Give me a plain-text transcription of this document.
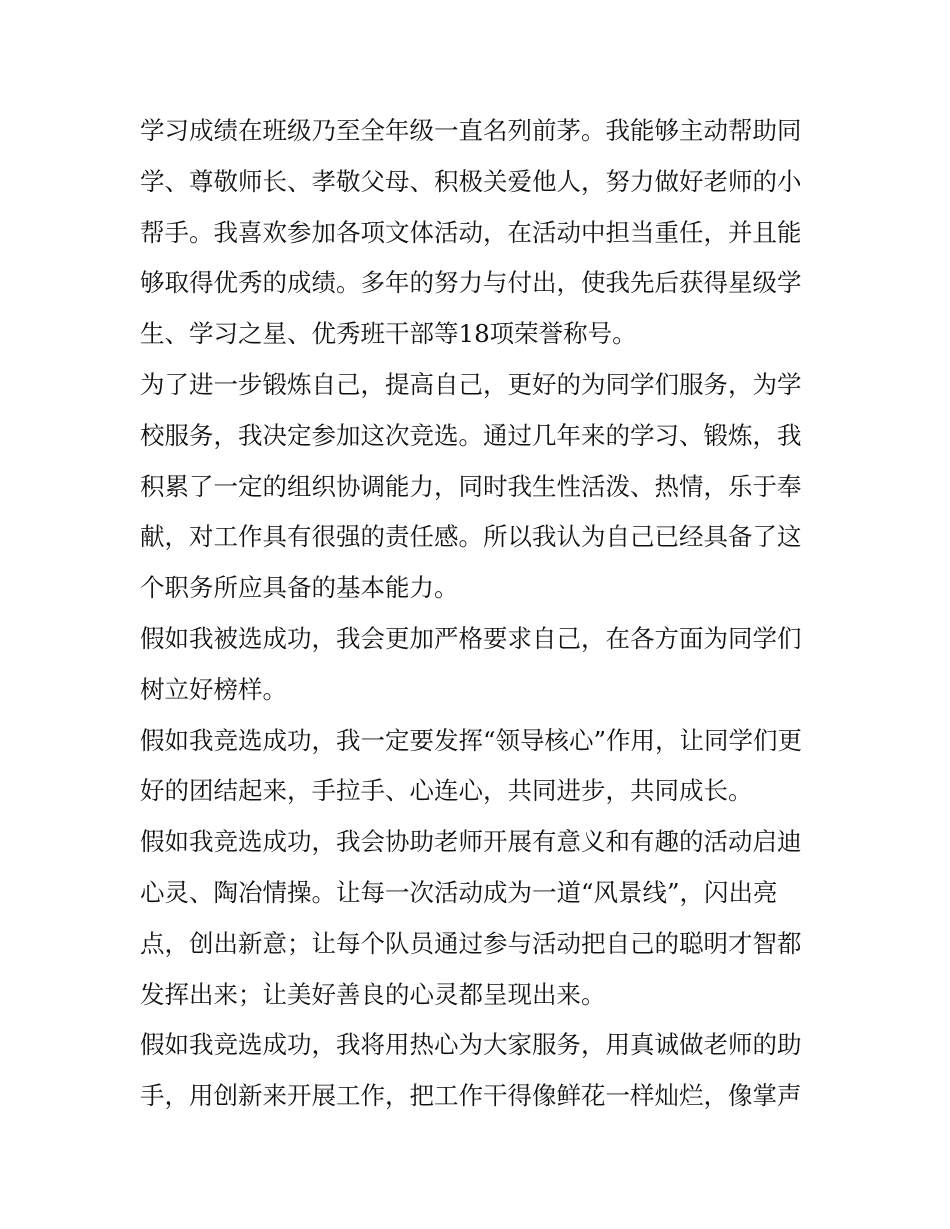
学习成绩在班级乃至全年级一直名列前茅。我能够主动帮助同
学、尊敬师长、孝敬父母、积极关爱他人，努力做好老师的小
帮手。我喜欢参加各项文体活动，在活动中担当重任，并且能
够取得优秀的成绩。多年的努力与付出，使我先后获得星级学
生、学习之星、优秀班干部等18项荣誉称号。
为了进一步锻炼自己，提高自己，更好的为同学们服务，为学
校服务，我决定参加这次竞选。通过几年来的学习、锻炼，我
积累了一定的组织协调能力，同时我生性活泼、热情，乐于奉
献，对工作具有很强的责任感。所以我认为自己已经具备了这
个职务所应具备的基本能力。
假如我被选成功，我会更加严格要求自己，在各方面为同学们
树立好榜样。
假如我竞选成功，我一定要发挥“领导核心”作用，让同学们更
好的团结起来，手拉手、心连心，共同进步，共同成长。
假如我竞选成功，我会协助老师开展有意义和有趣的活动启迪
心灵、陶冶情操。让每一次活动成为一道“风景线”，闪出亮
点，创出新意；让每个队员通过参与活动把自己的聪明才智都
发挥出来；让美好善良的心灵都呈现出来。
假如我竞选成功，我将用热心为大家服务，用真诚做老师的助
手，用创新来开展工作，把工作干得像鲜花一样灿烂，像掌声
